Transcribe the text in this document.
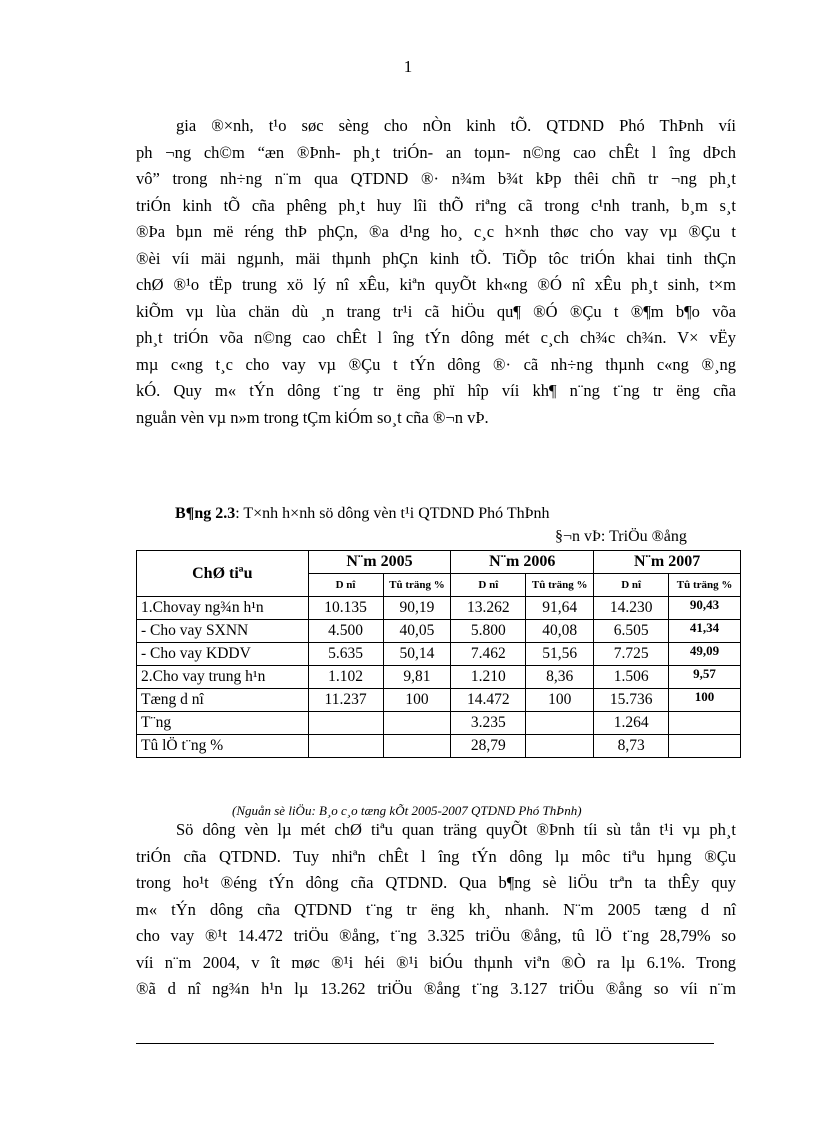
1
gia ®×nh, t¹o søc sèng cho nÒn kinh tÕ. QTDND Phó ThÞnh víi
ph ¬ng ch©m “æn ®Þnh- ph¸t triÓn- an toµn- n©ng cao chÊt l îng dÞch
vô” trong nh÷ng n¨m qua QTDND ®· n¾m b¾t kÞp thêi chñ tr ¬ng ph¸t
triÓn kinh tÕ cña phêng ph¸t huy lîi thÕ riªng cã trong c¹nh tranh, b¸m s¸t
®Þa bµn më réng thÞ phÇn, ®a d¹ng ho¸ c¸c h×nh thøc cho vay vµ ®Çu t
®èi víi mäi ngµnh, mäi thµnh phÇn kinh tÕ. TiÕp tôc triÓn khai tinh thÇn
chØ ®¹o tËp trung xö lý nî xÊu, kiªn quyÕt kh«ng ®Ó nî xÊu ph¸t sinh, t×m
kiÕm vµ lùa chän dù ¸n trang tr¹i cã hiÖu qu¶ ®Ó ®Çu t ®¶m b¶o võa
ph¸t triÓn võa n©ng cao chÊt l îng tÝn dông mét c¸ch ch¾c ch¾n. V× vËy
mµ c«ng t¸c cho vay vµ ®Çu t tÝn dông ®· cã nh÷ng thµnh c«ng ®¸ng
kÓ. Quy m« tÝn dông t¨ng tr ëng phï hîp víi kh¶ n¨ng t¨ng tr ëng cña
nguån vèn vµ n»m trong tÇm kiÓm so¸t cña ®¬n vÞ.
B¶ng 2.3: T×nh h×nh sö dông vèn t¹i QTDND Phó ThÞnh
§¬n vÞ: TriÖu ®ång
ChØ tiªu	N¨m 2005		N¨m 2006		N¨m 2007	
	D nî	Tû träng %	D nî	Tû träng %	D nî	Tû träng %
1.Chovay ng¾n h¹n	10.135	90,19	13.262	91,64	14.230	90,43
- Cho vay SXNN	4.500	40,05	5.800	40,08	6.505	41,34
- Cho vay KDDV	5.635	50,14	7.462	51,56	7.725	49,09
2.Cho vay trung h¹n	1.102	9,81	1.210	8,36	1.506	9,57
Tæng d nî	11.237	100	14.472	100	15.736	100
T¨ng			3.235		1.264	
Tû lÖ t¨ng %			28,79		8,73	
(Nguån sè liÖu: B¸o c¸o tæng kÕt 2005-2007 QTDND Phó ThÞnh)
Sö dông vèn lµ mét chØ tiªu quan träng quyÕt ®Þnh tíi sù tån t¹i vµ ph¸t
triÓn cña QTDND. Tuy nhiªn chÊt l îng tÝn dông lµ môc tiªu hµng ®Çu
trong ho¹t ®éng tÝn dông cña QTDND. Qua b¶ng sè liÖu trªn ta thÊy quy
m« tÝn dông cña QTDND t¨ng tr ëng kh¸ nhanh. N¨m 2005 tæng d nî
cho vay ®¹t 14.472 triÖu ®ång, t¨ng 3.325 triÖu ®ång, tû lÖ t¨ng 28,79% so
víi n¨m 2004, v ît møc ®¹i héi ®¹i biÓu thµnh viªn ®Ò ra lµ 6.1%. Trong
®ã d nî ng¾n h¹n lµ 13.262 triÖu ®ång t¨ng 3.127 triÖu ®ång so víi n¨m
